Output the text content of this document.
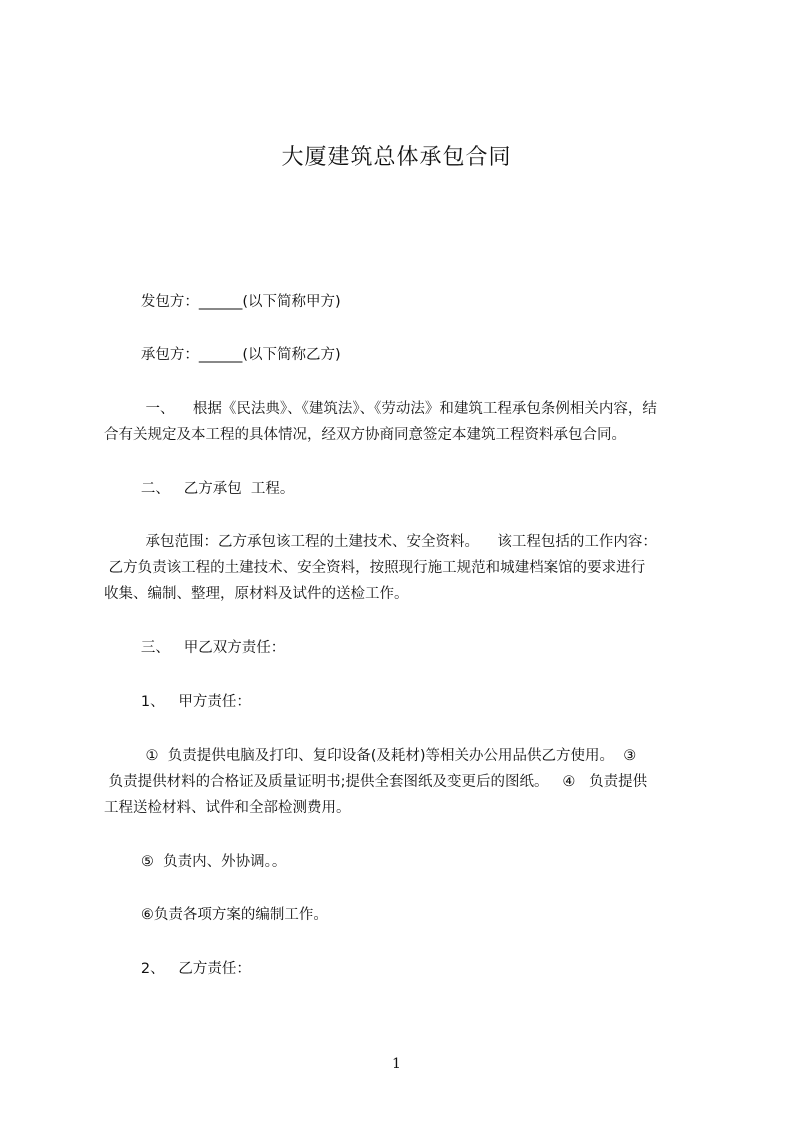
大厦建筑总体承包合同
发包方：______(以下简称甲方)
承包方：______(以下简称乙方)
一、    根据《民法典》、《建筑法》、《劳动法》和建筑工程承包条例相关内容，结
合有关规定及本工程的具体情况，经双方协商同意签定本建筑工程资料承包合同。
二、   乙方承包  工程。
承包范围：乙方承包该工程的土建技术、安全资料。    该工程包括的工作内容：
乙方负责该工程的土建技术、安全资料，按照现行施工规范和城建档案馆的要求进行
收集、编制、整理，原材料及试件的送检工作。
三、   甲乙双方责任：
1、   甲方责任：
①  负责提供电脑及打印、复印设备(及耗材)等相关办公用品供乙方使用。  ③
负责提供材料的合格证及质量证明书;提供全套图纸及变更后的图纸。   ④   负责提供
工程送检材料、试件和全部检测费用。
⑤  负责内、外协调。。
⑥负责各项方案的编制工作。
2、   乙方责任：
1
